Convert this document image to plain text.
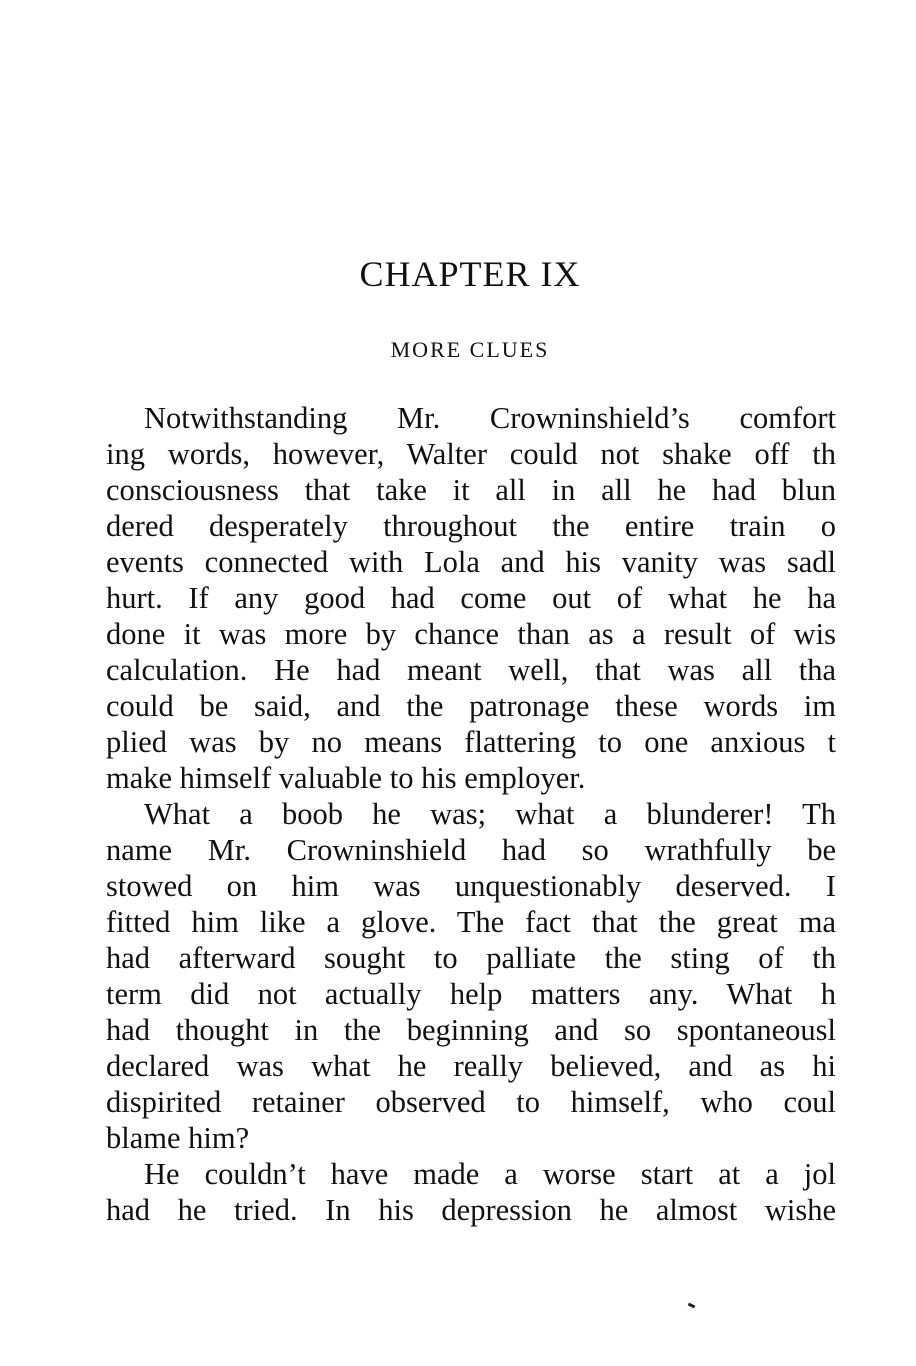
CHAPTER IX
MORE CLUES
Notwithstanding Mr. Crowninshield’s comfort
ing words, however, Walter could not shake off th
consciousness that take it all in all he had blun
dered desperately throughout the entire train o
events connected with Lola and his vanity was sadl
hurt. If any good had come out of what he ha
done it was more by chance than as a result of wis
calculation. He had meant well, that was all tha
could be said, and the patronage these words im
plied was by no means flattering to one anxious t
make himself valuable to his employer.
What a boob he was; what a blunderer! Th
name Mr. Crowninshield had so wrathfully be
stowed on him was unquestionably deserved. I
fitted him like a glove. The fact that the great ma
had afterward sought to palliate the sting of th
term did not actually help matters any. What h
had thought in the beginning and so spontaneousl
declared was what he really believed, and as hi
dispirited retainer observed to himself, who coul
blame him?
He couldn’t have made a worse start at a jol
had he tried. In his depression he almost wishe
